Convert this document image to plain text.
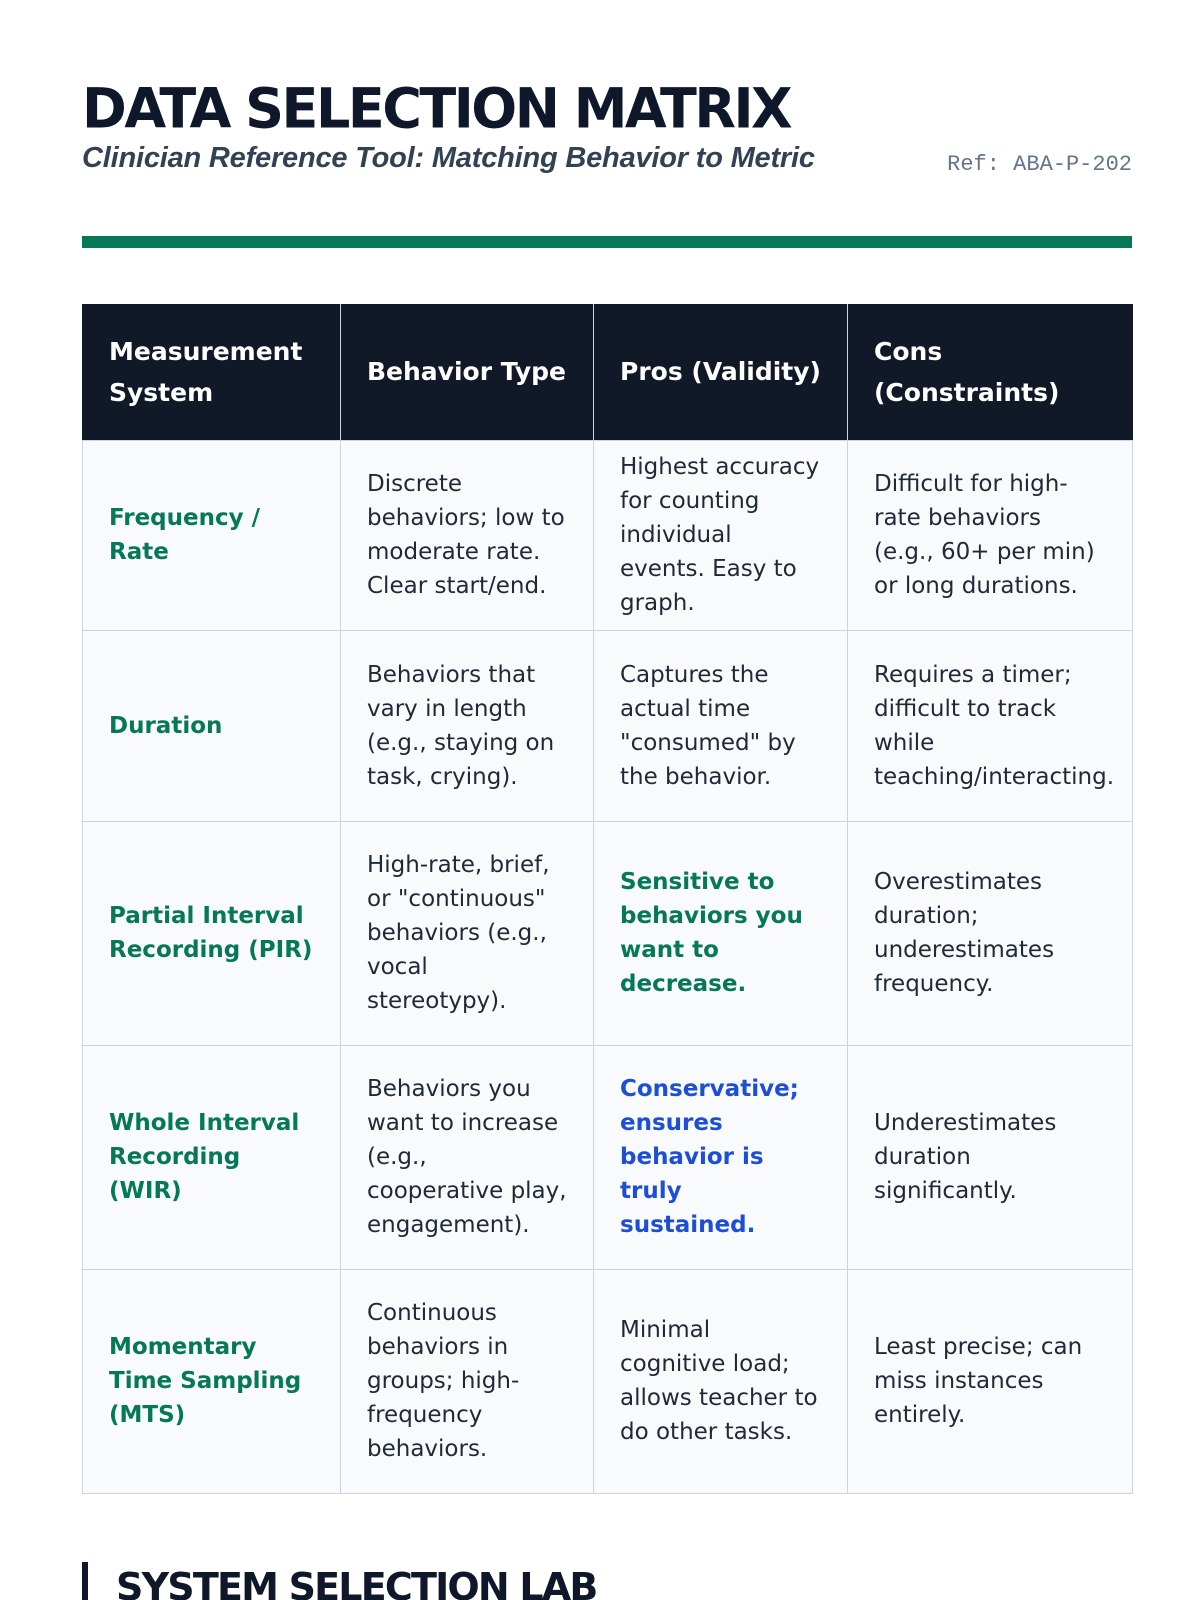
DATA SELECTION MATRIX
Clinician Reference Tool: Matching Behavior to Metric	Ref: ABA-P-202
Measurement System	Behavior Type	Pros (Validity)	Cons (Constraints)
Frequency / Rate	Discrete behaviors; low to moderate rate. Clear start/end.	Highest accuracy for counting individual events. Easy to graph.	Difficult for high-rate behaviors (e.g., 60+ per min) or long durations.
Duration	Behaviors that vary in length (e.g., staying on task, crying).	Captures the actual time "consumed" by the behavior.	Requires a timer; difficult to track while teaching/interacting.
Partial Interval Recording (PIR)	High-rate, brief, or "continuous" behaviors (e.g., vocal stereotypy).	Sensitive to behaviors you want to decrease.	Overestimates duration; underestimates frequency.
Whole Interval Recording (WIR)	Behaviors you want to increase (e.g., cooperative play, engagement).	Conservative; ensures behavior is truly sustained.	Underestimates duration significantly.
Momentary Time Sampling (MTS)	Continuous behaviors in groups; high-frequency behaviors.	Minimal cognitive load; allows teacher to do other tasks.	Least precise; can miss instances entirely.
SYSTEM SELECTION LAB
